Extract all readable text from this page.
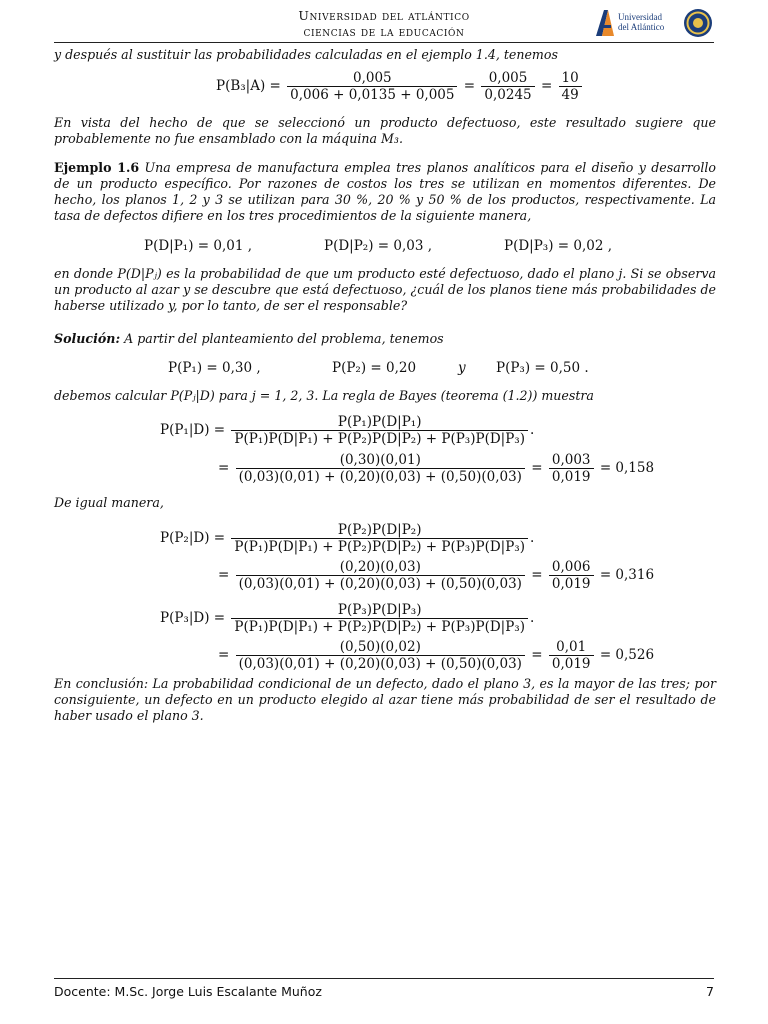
Universidad del atlántico
ciencias de la educación
Universidad
del Atlántico
y después al sustituir las probabilidades calculadas en el ejemplo 1.4, tenemos
$P(B_3|A) = \frac{0,005}{0,006 + 0,0135 + 0,005} = \frac{0,005}{0,0245} = \frac{10}{49}$
En vista del hecho de que se seleccionó un producto defectuoso, este resultado sugiere que probablemente no fue ensamblado con la máquina M₃.
Ejemplo 1.6 Una empresa de manufactura emplea tres planos analíticos para el diseño y desarrollo de un producto específico. Por razones de costos los tres se utilizan en momentos diferentes. De hecho, los planos 1, 2 y 3 se utilizan para 30 %, 20 % y 50 % de los productos, respectivamente. La tasa de defectos difiere en los tres procedimientos de la siguiente manera,
P(D|P₁) = 0,01 ,	P(D|P₂) = 0,03 ,	P(D|P₃) = 0,02 ,
en donde P(D|Pⱼ) es la probabilidad de que um producto esté defectuoso, dado el plano j. Si se observa un producto al azar y se descubre que está defectuoso, ¿cuál de los planos tiene más probabilidades de haberse utilizado y, por lo tanto, de ser el responsable?
Solución: A partir del planteamiento del problema, tenemos
P(P₁) = 0,30 ,	P(P₂) = 0,20	y P(P₃) = 0,50 .
debemos calcular P(Pⱼ|D) para j = 1, 2, 3. La regla de Bayes (teorema (1.2)) muestra
$P(P_1|D) = \frac{\text{P(P₁)P(D|P₁)}}{\text{P(P₁)P(D|P₁) + P(P₂)P(D|P₂) + P(P₃)P(D|P₃)}}$ .
= $\frac{(0,30)(0,01)}{(0,03)(0,01) + (0,20)(0,03) + (0,50)(0,03)} = \frac{0,003}{0,019} = 0,158$
De igual manera,
$P(P_2|D) = \frac{\text{P(P₂)P(D|P₂)}}{\text{P(P₁)P(D|P₁) + P(P₂)P(D|P₂) + P(P₃)P(D|P₃)}}$ .
= $\frac{(0,20)(0,03)}{(0,03)(0,01) + (0,20)(0,03) + (0,50)(0,03)} = \frac{0,006}{0,019} = 0,316$
$P(P_3|D) = \frac{\text{P(P₃)P(D|P₃)}}{\text{P(P₁)P(D|P₁) + P(P₂)P(D|P₂) + P(P₃)P(D|P₃)}}$ .
= $\frac{(0,50)(0,02)}{(0,03)(0,01) + (0,20)(0,03) + (0,50)(0,03)} = \frac{0,01}{0,019} = 0,526$
En conclusión: La probabilidad condicional de un defecto, dado el plano 3, es la mayor de las tres; por consiguiente, un defecto en un producto elegido al azar tiene más probabilidad de ser el resultado de haber usado el plano 3.
Docente: M.Sc. Jorge Luis Escalante Muñoz	7
